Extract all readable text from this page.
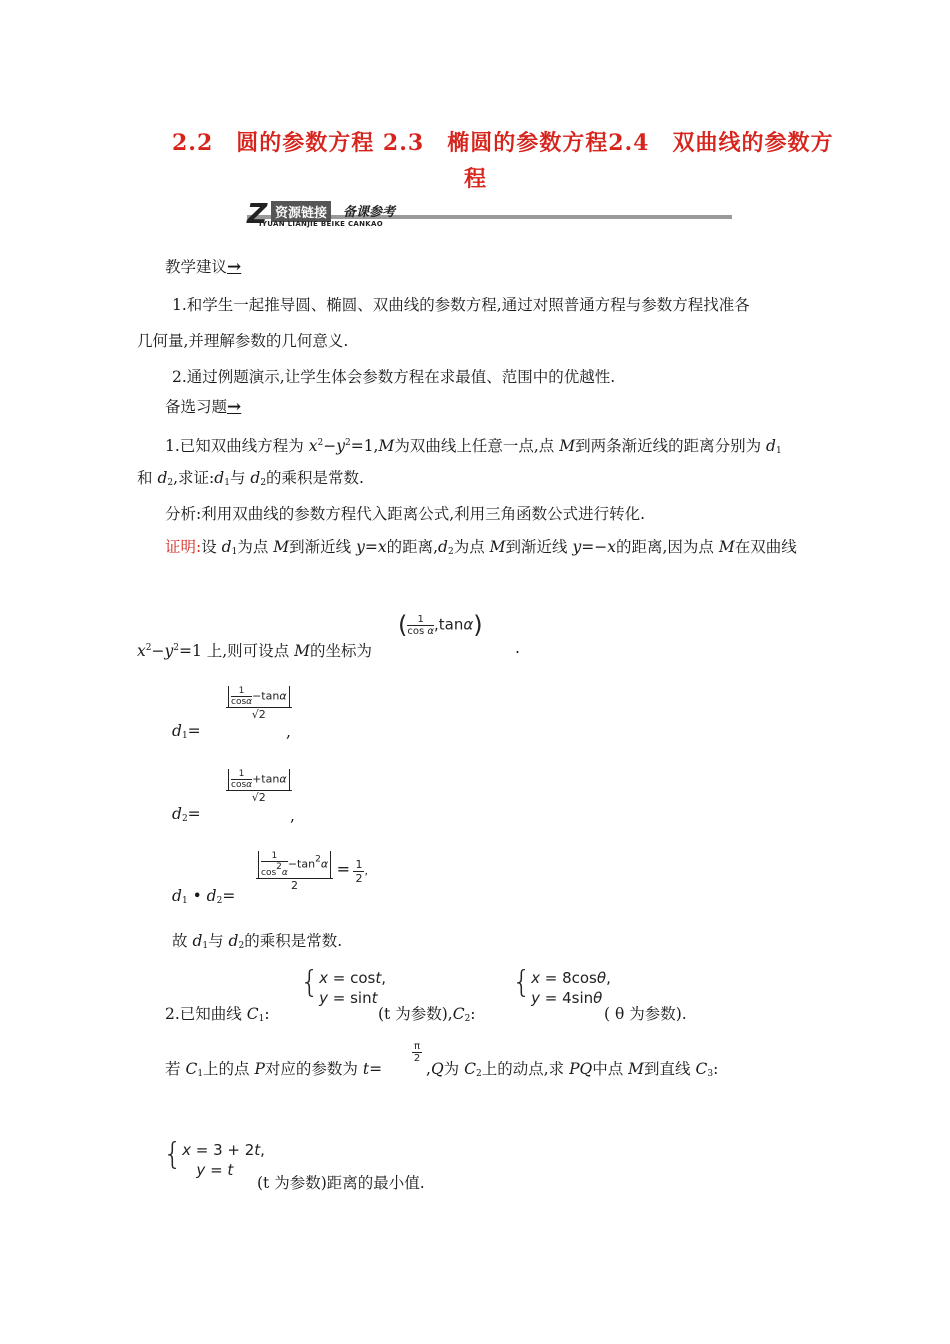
2.2　圆的参数方程 2.3　椭圆的参数方程2.4　双曲线的参数方
程
Z 资源链接	备课参考
IYUAN LIANJIE BEIKE CANKAO
教学建议→
1.和学生一起推导圆、椭圆、双曲线的参数方程,通过对照普通方程与参数方程找准各
几何量,并理解参数的几何意义.
2.通过例题演示,让学生体会参数方程在求最值、范围中的优越性.
备选习题→
1.已知双曲线方程为 $x^2-y^2=1,M$为双曲线上任意一点,点 M到两条渐近线的距离分别为 $d_1$
和 $d_2$,求证$:d_1$与 $d_2$的乘积是常数.
分析:利用双曲线的参数方程代入距离公式,利用三角函数公式进行转化.
证明:设 $d_1$为点 M到渐近线 y=x的距离$,d_2$为点 M到渐近线 y=−x的距离,因为点 M在双曲线
$x^2-y^2=1$ 上,则可设点 M的坐标为
( $\frac{1}{\text{cos α}} ,\tan\alpha$)
.
$d_1=$
$\frac{\frac{1}{\cos\alpha} -\tan\alpha}{√2}$
,
$d_2=$
$\frac{\frac{1}{\cos\alpha} +\tan\alpha}{√2}$
,
$d_1$ • $d_2=$
$\frac{\frac{1}{\cos^2\alpha} -\tan^2\alpha}{2} = \frac{1}{2}$ ,
故 $d_1$与 $d_2$的乘积是常数.
2.已知曲线 $C_1$:
{ x = cost,
y = sint
(t 为参数)$,C_2$:
{ x = 8cosθ,
y = 4sinθ
( θ 为参数).
若 $C_1$上的点 P对应的参数为 t=
$\frac{\pi}{2}$
,Q为 $C_2$上的动点,求 PQ中点 M到直线 $C_3$:
{ x = 3 + 2t,
y = t
(t 为参数)距离的最小值.
